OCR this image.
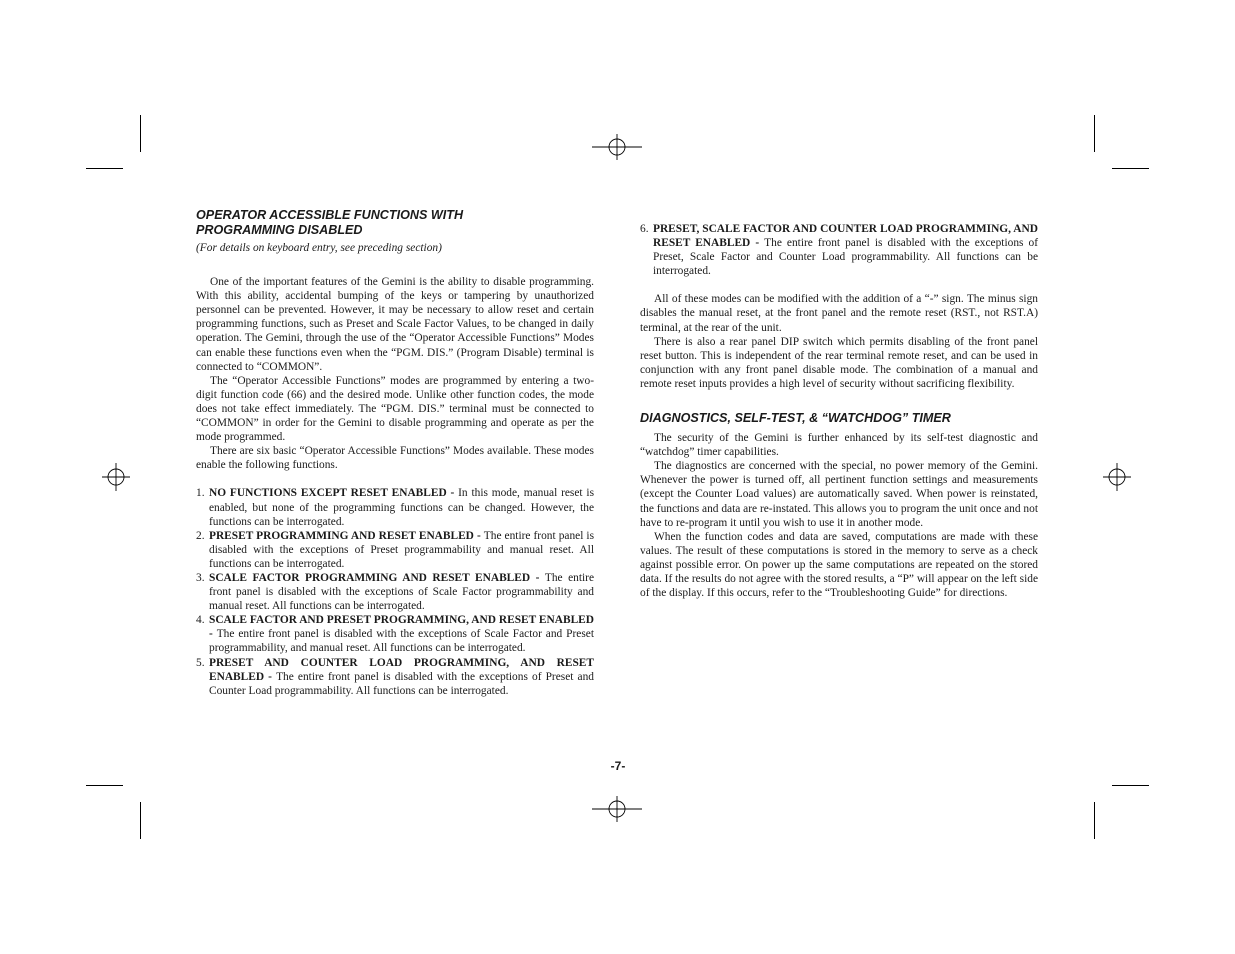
OPERATOR ACCESSIBLE FUNCTIONS WITH
PROGRAMMING DISABLED

(For details on keyboard entry, see preceding section)

One of the important features of the Gemini is the ability to disable programming. With this ability, accidental bumping of the keys or tampering by unauthorized personnel can be prevented. However, it may be necessary to allow reset and certain programming functions, such as Preset and Scale Factor Values, to be changed in daily operation. The Gemini, through the use of the “Operator Accessible Functions” Modes can enable these functions even when the “PGM. DIS.” (Program Disable) terminal is connected to “COMMON”.

The “Operator Accessible Functions” modes are programmed by entering a two-digit function code (66) and the desired mode. Unlike other function codes, the mode does not take effect immediately. The “PGM. DIS.” terminal must be connected to “COMMON” in order for the Gemini to disable programming and operate as per the mode programmed.

There are six basic “Operator Accessible Functions” Modes available. These modes enable the following functions.

1. NO FUNCTIONS EXCEPT RESET ENABLED - In this mode, manual reset is enabled, but none of the programming functions can be changed. However, the functions can be interrogated.
2. PRESET PROGRAMMING AND RESET ENABLED - The entire front panel is disabled with the exceptions of Preset programmability and manual reset. All functions can be interrogated.
3. SCALE FACTOR PROGRAMMING AND RESET ENABLED - The entire front panel is disabled with the exceptions of Scale Factor programmability and manual reset. All functions can be interrogated.
4. SCALE FACTOR AND PRESET PROGRAMMING, AND RESET ENABLED - The entire front panel is disabled with the exceptions of Scale Factor and Preset programmability, and manual reset. All functions can be interrogated.
5. PRESET AND COUNTER LOAD PROGRAMMING, AND RESET ENABLED - The entire front panel is disabled with the exceptions of Preset and Counter Load programmability. All functions can be interrogated.
6. PRESET, SCALE FACTOR AND COUNTER LOAD PROGRAMMING, AND RESET ENABLED - The entire front panel is disabled with the exceptions of Preset, Scale Factor and Counter Load programmability. All functions can be interrogated.

All of these modes can be modified with the addition of a “-” sign. The minus sign disables the manual reset, at the front panel and the remote reset (RST., not RST.A) terminal, at the rear of the unit.

There is also a rear panel DIP switch which permits disabling of the front panel reset button. This is independent of the rear terminal remote reset, and can be used in conjunction with any front panel disable mode. The combination of a manual and remote reset inputs provides a high level of security without sacrificing flexibility.

DIAGNOSTICS, SELF-TEST, & “WATCHDOG” TIMER

The security of the Gemini is further enhanced by its self-test diagnostic and “watchdog” timer capabilities.

The diagnostics are concerned with the special, no power memory of the Gemini. Whenever the power is turned off, all pertinent function settings and measurements (except the Counter Load values) are automatically saved. When power is reinstated, the functions and data are re-instated. This allows you to program the unit once and not have to re-program it until you wish to use it in another mode.

When the function codes and data are saved, computations are made with these values. The result of these computations is stored in the memory to serve as a check against possible error. On power up the same computations are repeated on the stored data. If the results do not agree with the stored results, a “P” will appear on the left side of the display. If this occurs, refer to the “Troubleshooting Guide” for directions.

-7-
